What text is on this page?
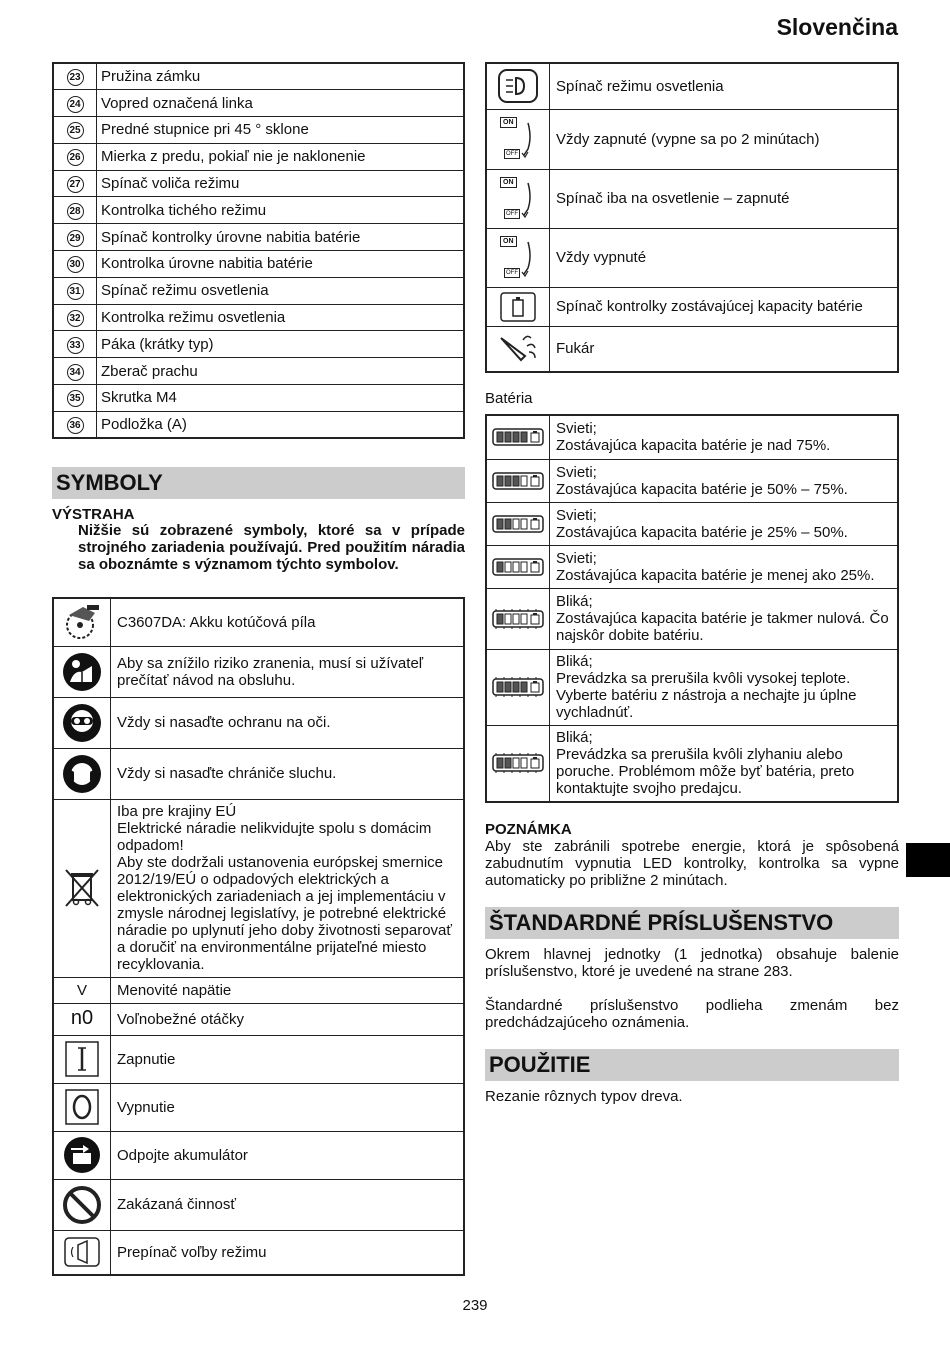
Slovenčina
23	Pružina zámku
24	Vopred označená linka
25	Predné stupnice pri 45 ° sklone
26	Mierka z predu, pokiaľ nie je naklonenie
27	Spínač voliča režimu
28	Kontrolka tichého režimu
29	Spínač kontrolky úrovne nabitia batérie
30	Kontrolka úrovne nabitia batérie
31	Spínač režimu osvetlenia
32	Kontrolka režimu osvetlenia
33	Páka (krátky typ)
34	Zberač prachu
35	Skrutka M4
36	Podložka (A)
SYMBOLY
VÝSTRAHA
Nižšie sú zobrazené symboly, ktoré sa v prípade strojného zariadenia používajú. Pred použitím náradia sa oboznámte s významom týchto symbolov.

C3607DA: Akku kotúčová píla

Aby sa znížilo riziko zranenia, musí si užívateľ prečítať návod na obsluhu.

Vždy si nasaďte ochranu na oči.

Vždy si nasaďte chrániče sluchu.

Iba pre krajiny EÚ
Elektrické náradie nelikvidujte spolu s domácim odpadom!
Aby ste dodržali ustanovenia európskej smernice 2012/19/EÚ o odpadových elektrických a elektronických zariadeniach a jej implementáciu v zmysle národnej legislatívy, je potrebné elektrické náradie po uplynutí jeho doby životnosti separovať a doručiť na environmentálne prijateľné miesto recyklovania.

V	Menovité napätie

n0	Voľnobežné otáčky

Zapnutie

Vypnutie

Odpojte akumulátor

Zakázaná činnosť

Prepínač voľby režimu
	Spínač režimu osvetlenia

ON
OFF	Vždy zapnuté (vypne sa po 2 minútach)

ON
OFF	Spínač iba na osvetlenie – zapnuté

ON
OFF	Vždy vypnuté

	Spínač kontrolky zostávajúcej kapacity batérie

	Fukár
Batéria

Svieti;
Zostávajúca kapacita batérie je nad 75%.

Svieti;
Zostávajúca kapacita batérie je 50% – 75%.

Svieti;
Zostávajúca kapacita batérie je 25% – 50%.

Svieti;
Zostávajúca kapacita batérie je menej ako 25%.

Bliká;
Zostávajúca kapacita batérie je takmer nulová. Čo najskôr dobite batériu.

Bliká;
Prevádzka sa prerušila kvôli vysokej teplote. Vyberte batériu z nástroja a nechajte ju úplne vychladnúť.

Bliká;
Prevádzka sa prerušila kvôli zlyhaniu alebo poruche. Problémom môže byť batéria, preto kontaktujte svojho predajcu.
POZNÁMKA
Aby ste zabránili spotrebe energie, ktorá je spôsobená zabudnutím vypnutia LED kontrolky, kontrolka sa vypne automaticky po približne 2 minútach.
ŠTANDARDNÉ PRÍSLUŠENSTVO
Okrem hlavnej jednotky (1 jednotka) obsahuje balenie príslušenstvo, ktoré je uvedené na strane 283.
Štandardné príslušenstvo podlieha zmenám bez predchádzajúceho oznámenia.
POUŽITIE
Rezanie rôznych typov dreva.
239
